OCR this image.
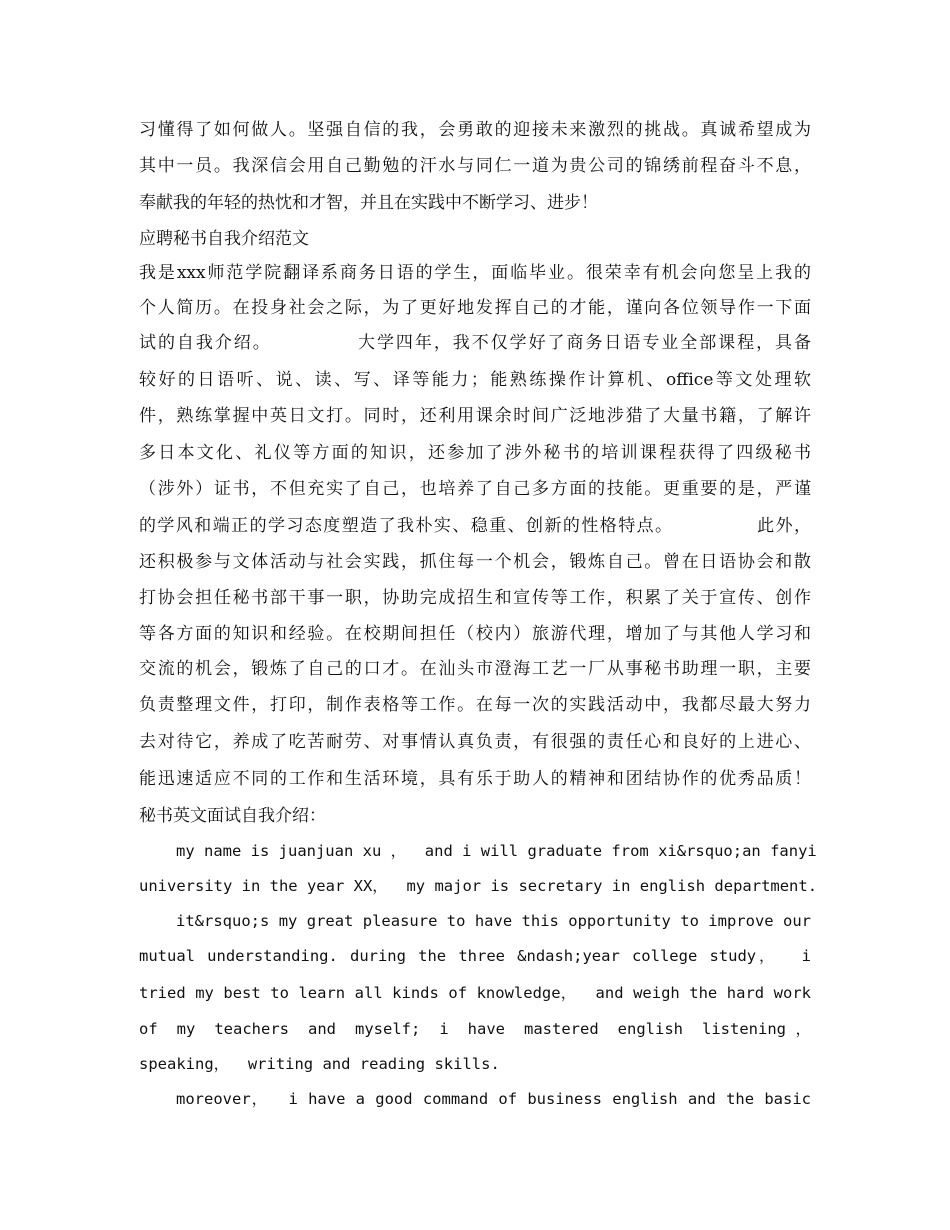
习懂得了如何做人。坚强自信的我，会勇敢的迎接未来激烈的挑战。真诚希望成为
其中一员。我深信会用自己勤勉的汗水与同仁一道为贵公司的锦绣前程奋斗不息，
奉献我的年轻的热忱和才智，并且在实践中不断学习、进步！
应聘秘书自我介绍范文
我是xxx师范学院翻译系商务日语的学生，面临毕业。很荣幸有机会向您呈上我的
个人简历。在投身社会之际，为了更好地发挥自己的才能，谨向各位领导作一下面
试的自我介绍。　　　　　大学四年，我不仅学好了商务日语专业全部课程，具备
较好的日语听、说、读、写、译等能力；能熟练操作计算机、office等文处理软
件，熟练掌握中英日文打。同时，还利用课余时间广泛地涉猎了大量书籍，了解许
多日本文化、礼仪等方面的知识，还参加了涉外秘书的培训课程获得了四级秘书
（涉外）证书，不但充实了自己，也培养了自己多方面的技能。更重要的是，严谨
的学风和端正的学习态度塑造了我朴实、稳重、创新的性格特点。　　　　　此外，
还积极参与文体活动与社会实践，抓住每一个机会，锻炼自己。曾在日语协会和散
打协会担任秘书部干事一职，协助完成招生和宣传等工作，积累了关于宣传、创作
等各方面的知识和经验。在校期间担任（校内）旅游代理，增加了与其他人学习和
交流的机会，锻炼了自己的口才。在汕头市澄海工艺一厂从事秘书助理一职，主要
负责整理文件，打印，制作表格等工作。在每一次的实践活动中，我都尽最大努力
去对待它，养成了吃苦耐劳、对事情认真负责，有很强的责任心和良好的上进心、
能迅速适应不同的工作和生活环境，具有乐于助人的精神和团结协作的优秀品质！
秘书英文面试自我介绍：
my name is juanjuan xu ，  and i will graduate from xi&rsquo;an fanyi
university in the year XX，  my major is secretary in english department.
it&rsquo;s my great pleasure to have this opportunity to improve our
mutual understanding. during the three &ndash;year college study，  i
tried my best to learn all kinds of knowledge，  and weigh the hard work
of  my  teachers  and  myself;  i  have  mastered  english  listening ，
speaking，  writing and reading skills.
moreover，  i have a good command of business english and the basic
